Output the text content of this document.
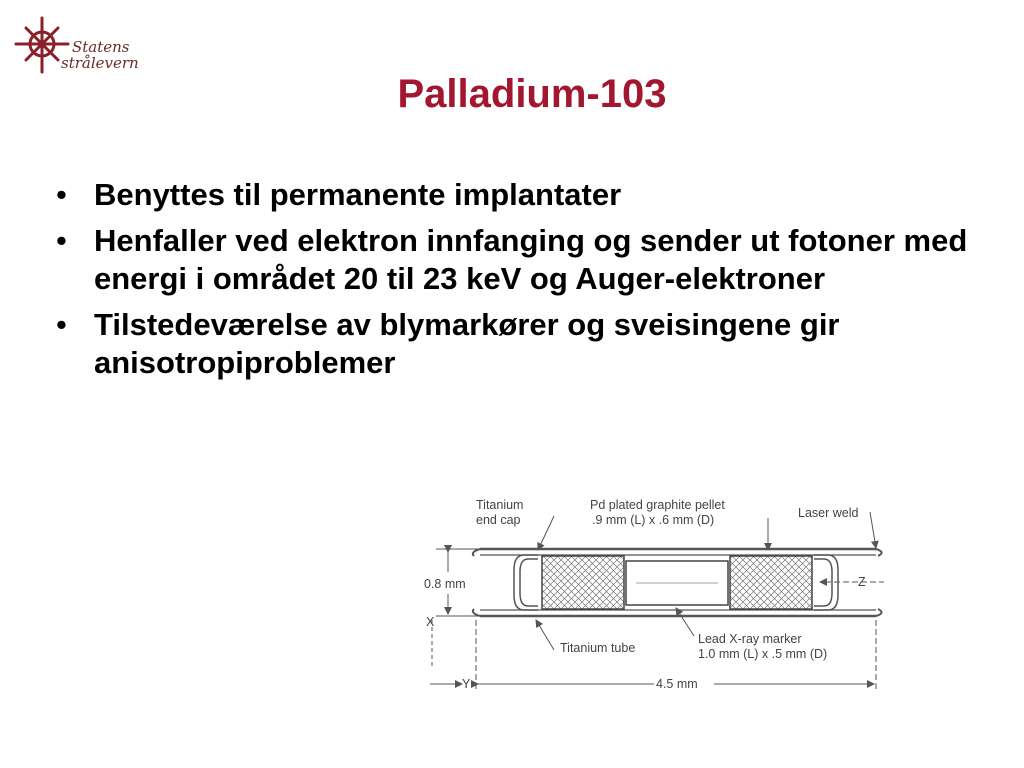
Statens
strålevern
Palladium-103
• Benyttes til permanente implantater
• Henfaller ved elektron innfanging og sender ut fotoner med energi i området 20 til 23 keV og Auger-elektroner
• Tilstedeværelse av blymarkører og sveisingene gir anisotropiproblemer
Titanium
end cap
Pd plated graphite pellet
.9 mm (L) x .6 mm (D)	Laser weld
0.8 mm	Z
X
Y
Titanium tube
Lead X-ray marker
1.0 mm (L) x .5 mm (D)
4.5 mm
